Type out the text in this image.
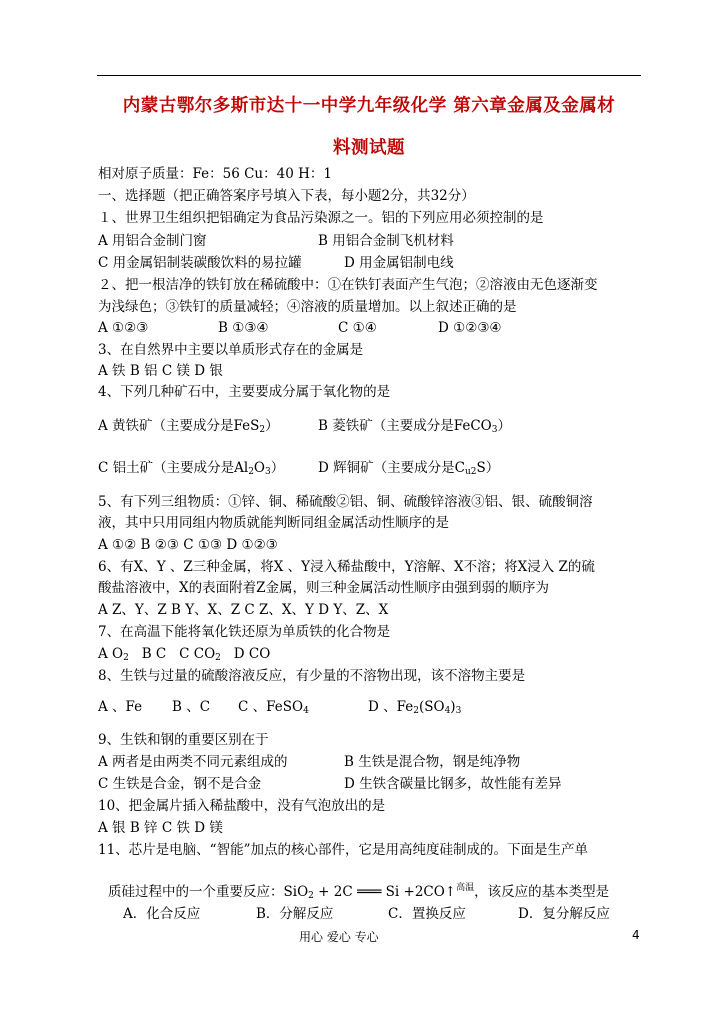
内蒙古鄂尔多斯市达十一中学九年级化学 第六章金属及金属材
料测试题
相对原子质量：Fe：56 Cu：40 H：1
一、选择题（把正确答案序号填入下表，每小题2分，共32分）
１、世界卫生组织把铝确定为食品污染源之一。铝的下列应用必须控制的是
A 用铝合金制门窗	B 用铝合金制飞机材料
C 用金属铝制装碳酸饮料的易拉罐	D 用金属铝制电线
２、把一根洁净的铁钉放在稀硫酸中：①在铁钉表面产生气泡；②溶液由无色逐渐变
为浅绿色；③铁钉的质量减轻；④溶液的质量增加。以上叙述正确的是
A ①②③	B ①③④	C ①④	D ①②③④
3、在自然界中主要以单质形式存在的金属是
A 铁 B 铝 C 镁 D 银
4、下列几种矿石中，主要要成分属于氧化物的是
A 黄铁矿（主要成分是FeS$_2$）	B 菱铁矿（主要成分是FeCO$_3$）
C 铝土矿（主要成分是$Al_2O_3$）	D 辉铜矿（主要成分是$C_{u2}S$）
5、有下列三组物质：①锌、铜、稀硫酸②铝、铜、硫酸锌溶液③铝、银、硫酸铜溶
液，其中只用同组内物质就能判断同组金属活动性顺序的是
A ①② B ②③ C ①③ D ①②③
6、有X、Y 、Z三种金属，将X 、Y浸入稀盐酸中，Y溶解、X不溶；将X浸入 Z的硫
酸盐溶液中，X的表面附着Z金属，则三种金属活动性顺序由强到弱的顺序为
A Z、Y、Z B Y、X、Z C Z、X、Y D Y、Z、X
7、在高温下能将氧化铁还原为单质铁的化合物是
A $O_2$ B C C $CO_2$ D CO
8、生铁与过量的硫酸溶液反应，有少量的不溶物出现，该不溶物主要是
A 、Fe B 、C C 、FeSO$_4$	D 、$Fe_2(SO_4)_3$
9、生铁和钢的重要区别在于
A 两者是由两类不同元素组成的	B 生铁是混合物，钢是纯净物
C 生铁是合金，钢不是合金	D 生铁含碳量比钢多，故性能有差异
10、把金属片插入稀盐酸中，没有气泡放出的是
A 银 B 锌 C 铁 D 镁
11、芯片是电脑、“智能”加点的核心部件，它是用高纯度硅制成的。下面是生产单
质硅过程中的一个重要反应：SiO$_2$ + 2C ═══ Si +2CO↑$^{高温}$，该反应的基本类型是
A．化合反应	B．分解反应	C．置换反应	D．复分解反应
用心 爱心 专心	4
